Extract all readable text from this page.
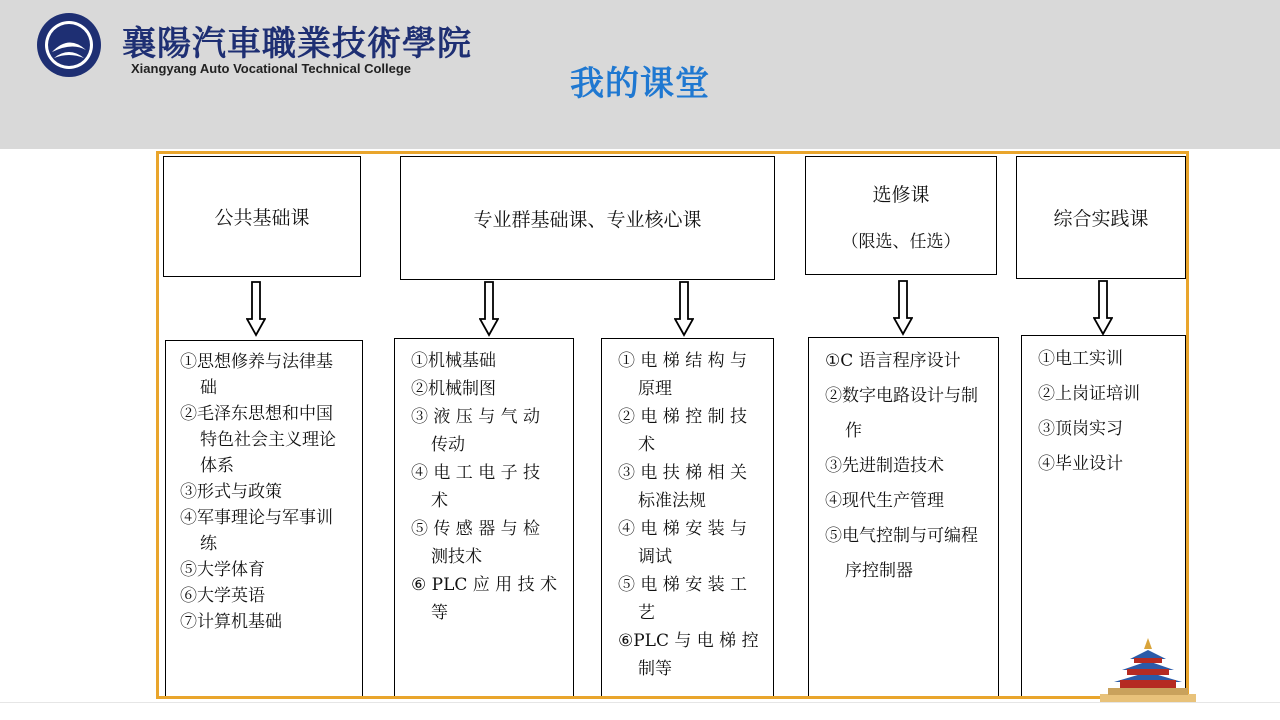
襄陽汽車職業技術學院
Xiangyang Auto Vocational Technical College	我的课堂
公共基础课	专业群基础课、专业核心课
选修课
（限选、任选）
综合实践课
①思想修养与法律基础
②毛泽东思想和中国特色社会主义理论体系
③形式与政策
④军事理论与军事训练
⑤大学体育
⑥大学英语
⑦计算机基础
①机械基础
②机械制图
③ 液 压 与 气 动 传动
④ 电 工 电 子 技 术
⑤ 传 感 器 与 检 测技术
⑥ PLC 应 用 技 术等
① 电 梯 结 构 与 原理
② 电 梯 控 制 技 术
③ 电 扶 梯 相 关 标准法规
④ 电 梯 安 装 与 调试
⑤ 电 梯 安 装 工 艺
⑥PLC 与 电 梯 控制等
①C 语言程序设计
②数字电路设计与制作
③先进制造技术
④现代生产管理
⑤电气控制与可编程序控制器
①电工实训
②上岗证培训
③顶岗实习
④毕业设计
